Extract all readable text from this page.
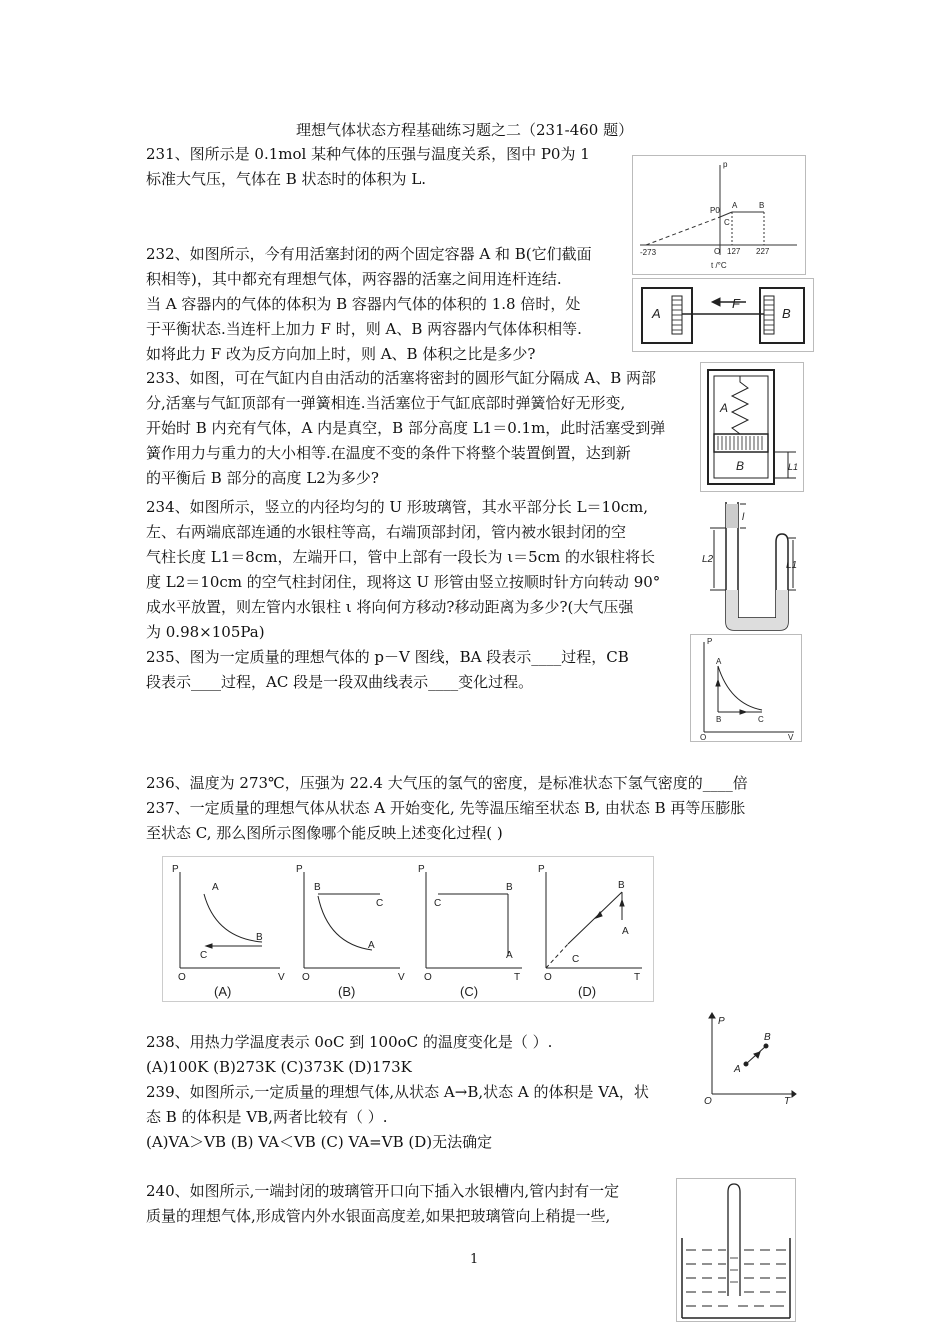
理想气体状态方程基础练习题之二（231-460 题）
231、图所示是 0.1mol 某种气体的压强与温度关系，图中 P0为 1
标准大气压，气体在 B 状态时的体积为 L.
232、如图所示，今有用活塞封闭的两个固定容器 A 和 B(它们截面
积相等)，其中都充有理想气体，两容器的活塞之间用连杆连结.
当 A 容器内的气体的体积为 B 容器内气体的体积的 1.8 倍时，处
于平衡状态.当连杆上加力 F 时，则 A、B 两容器内气体体积相等.
如将此力 F 改为反方向加上时，则 A、B 体积之比是多少?
233、如图，可在气缸内自由活动的活塞将密封的圆形气缸分隔成 A、B 两部
分,活塞与气缸顶部有一弹簧相连.当活塞位于气缸底部时弹簧恰好无形变,
开始时 B 内充有气体，A 内是真空，B 部分高度 L1＝0.1m，此时活塞受到弹
簧作用力与重力的大小相等.在温度不变的条件下将整个装置倒置，达到新
的平衡后 B 部分的高度 L2为多少?
234、如图所示，竖立的内径均匀的 U 形玻璃管，其水平部分长 L＝10cm,
左、右两端底部连通的水银柱等高，右端顶部封闭，管内被水银封闭的空
气柱长度 L1＝8cm，左端开口，管中上部有一段长为 ι＝5cm 的水银柱将长
度 L2＝10cm 的空气柱封闭住，现将这 U 形管由竖立按顺时针方向转动 90°
成水平放置，则左管内水银柱 ι 将向何方移动?移动距离为多少?(大气压强
为 0.98×105Pa)
235、图为一定质量的理想气体的 p－V 图线，BA 段表示____过程，CB
段表示____过程，AC 段是一段双曲线表示____变化过程。
236、温度为 273℃，压强为 22.4 大气压的氢气的密度，是标准状态下氢气密度的____倍
237、一定质量的理想气体从状态 A 开始变化, 先等温压缩至状态 B, 由状态 B 再等压膨胀
至状态 C, 那么图所示图像哪个能反映上述变化过程( )
238、用热力学温度表示 0oC 到 100oC 的温度变化是（ ）.
(A)100K (B)273K (C)373K (D)173K
239、如图所示,一定质量的理想气体,从状态 A→B,状态 A 的体积是 VA，状
态 B 的体积是 VB,两者比较有（ ）.
(A)VA＞VB (B) VA＜VB (C) VA=VB (D)无法确定
240、如图所示,一端封闭的玻璃管开口向下插入水银槽内,管内封有一定
质量的理想气体,形成管内外水银面高度差,如果把玻璃管向上稍提一些,
1
p
P0
A	B
C
O
-273	127 227
t /°C
A	B
F
A
B	L1
l
L2
L1
P
A
B	C
O	V
P
A
B
C
O	V
P
B
C
A
O	V
P
C
B
A
O	T
P
B
A
C
O	T
(A)	(B)	(C)	(D)
P
A
B
O	T
